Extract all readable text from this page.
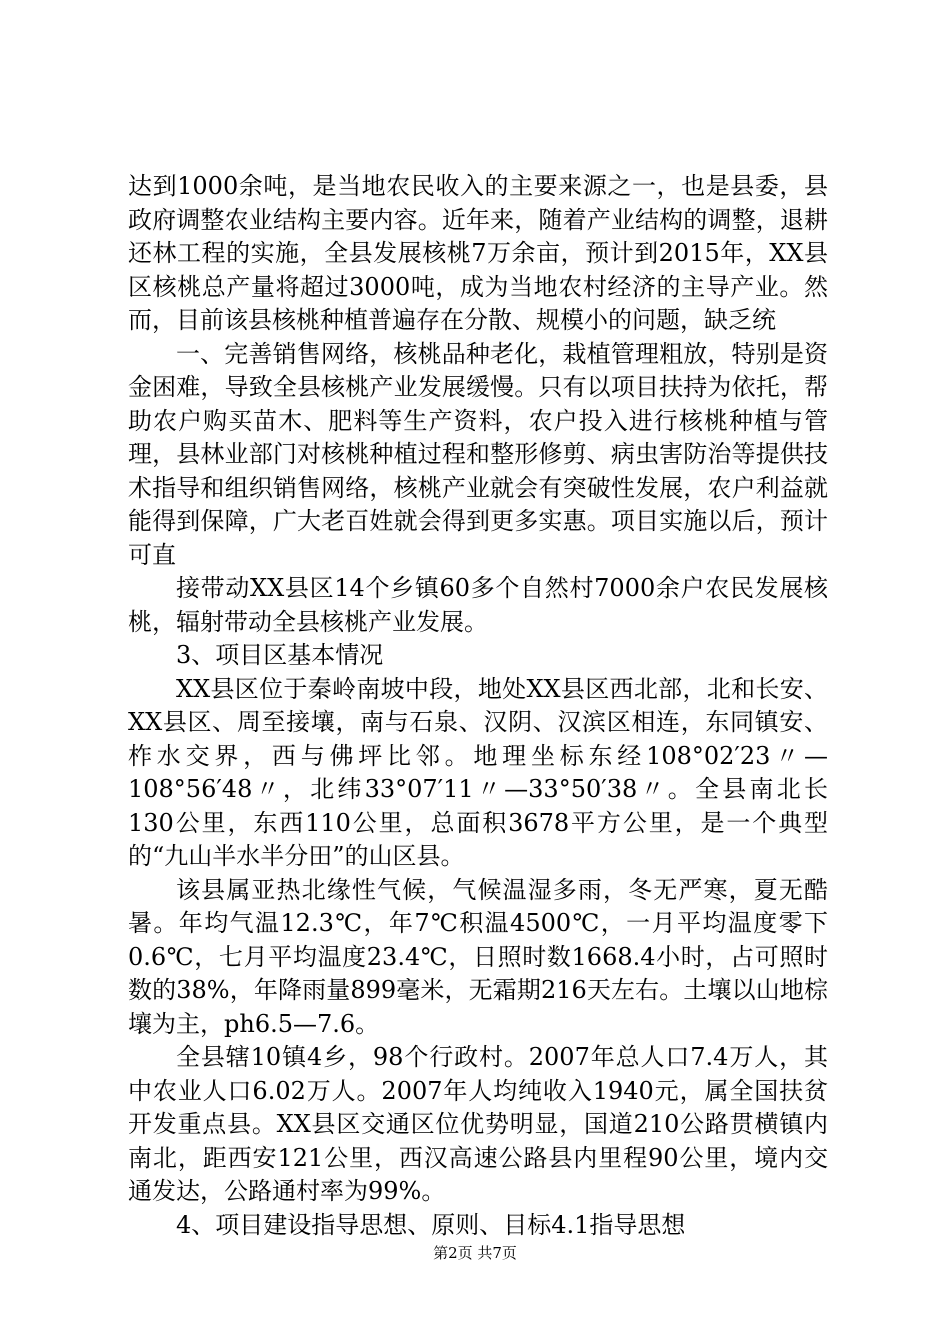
达到1000余吨，是当地农民收入的主要来源之一，也是县委，县政府调整农业结构主要内容。近年来，随着产业结构的调整，退耕还林工程的实施，全县发展核桃7万余亩，预计到2015年，XX县区核桃总产量将超过3000吨，成为当地农村经济的主导产业。然而，目前该县核桃种植普遍存在分散、规模小的问题，缺乏统

一、完善销售网络，核桃品种老化，栽植管理粗放，特别是资金困难，导致全县核桃产业发展缓慢。只有以项目扶持为依托，帮助农户购买苗木、肥料等生产资料，农户投入进行核桃种植与管理，县林业部门对核桃种植过程和整形修剪、病虫害防治等提供技术指导和组织销售网络，核桃产业就会有突破性发展，农户利益就能得到保障，广大老百姓就会得到更多实惠。项目实施以后，预计可直

接带动XX县区14个乡镇60多个自然村7000余户农民发展核桃，辐射带动全县核桃产业发展。

3、项目区基本情况

XX县区位于秦岭南坡中段，地处XX县区西北部，北和长安、XX县区、周至接壤，南与石泉、汉阴、汉滨区相连，东同镇安、柞水交界，西与佛坪比邻。地理坐标东经108°02′23〃—108°56′48〃，北纬33°07′11〃—33°50′38〃。全县南北长130公里，东西110公里，总面积3678平方公里，是一个典型的“九山半水半分田”的山区县。

该县属亚热北缘性气候，气候温湿多雨，冬无严寒，夏无酷暑。年均气温12.3℃，年7℃积温4500℃，一月平均温度零下0.6℃，七月平均温度23.4℃，日照时数1668.4小时，占可照时数的38%，年降雨量899毫米，无霜期216天左右。土壤以山地棕壤为主，ph6.5—7.6。

全县辖10镇4乡，98个行政村。2007年总人口7.4万人，其中农业人口6.02万人。2007年人均纯收入1940元，属全国扶贫开发重点县。XX县区交通区位优势明显，国道210公路贯横镇内南北，距西安121公里，西汉高速公路县内里程90公里，境内交通发达，公路通村率为99%。

4、项目建设指导思想、原则、目标4.1指导思想

第2页 共7页
